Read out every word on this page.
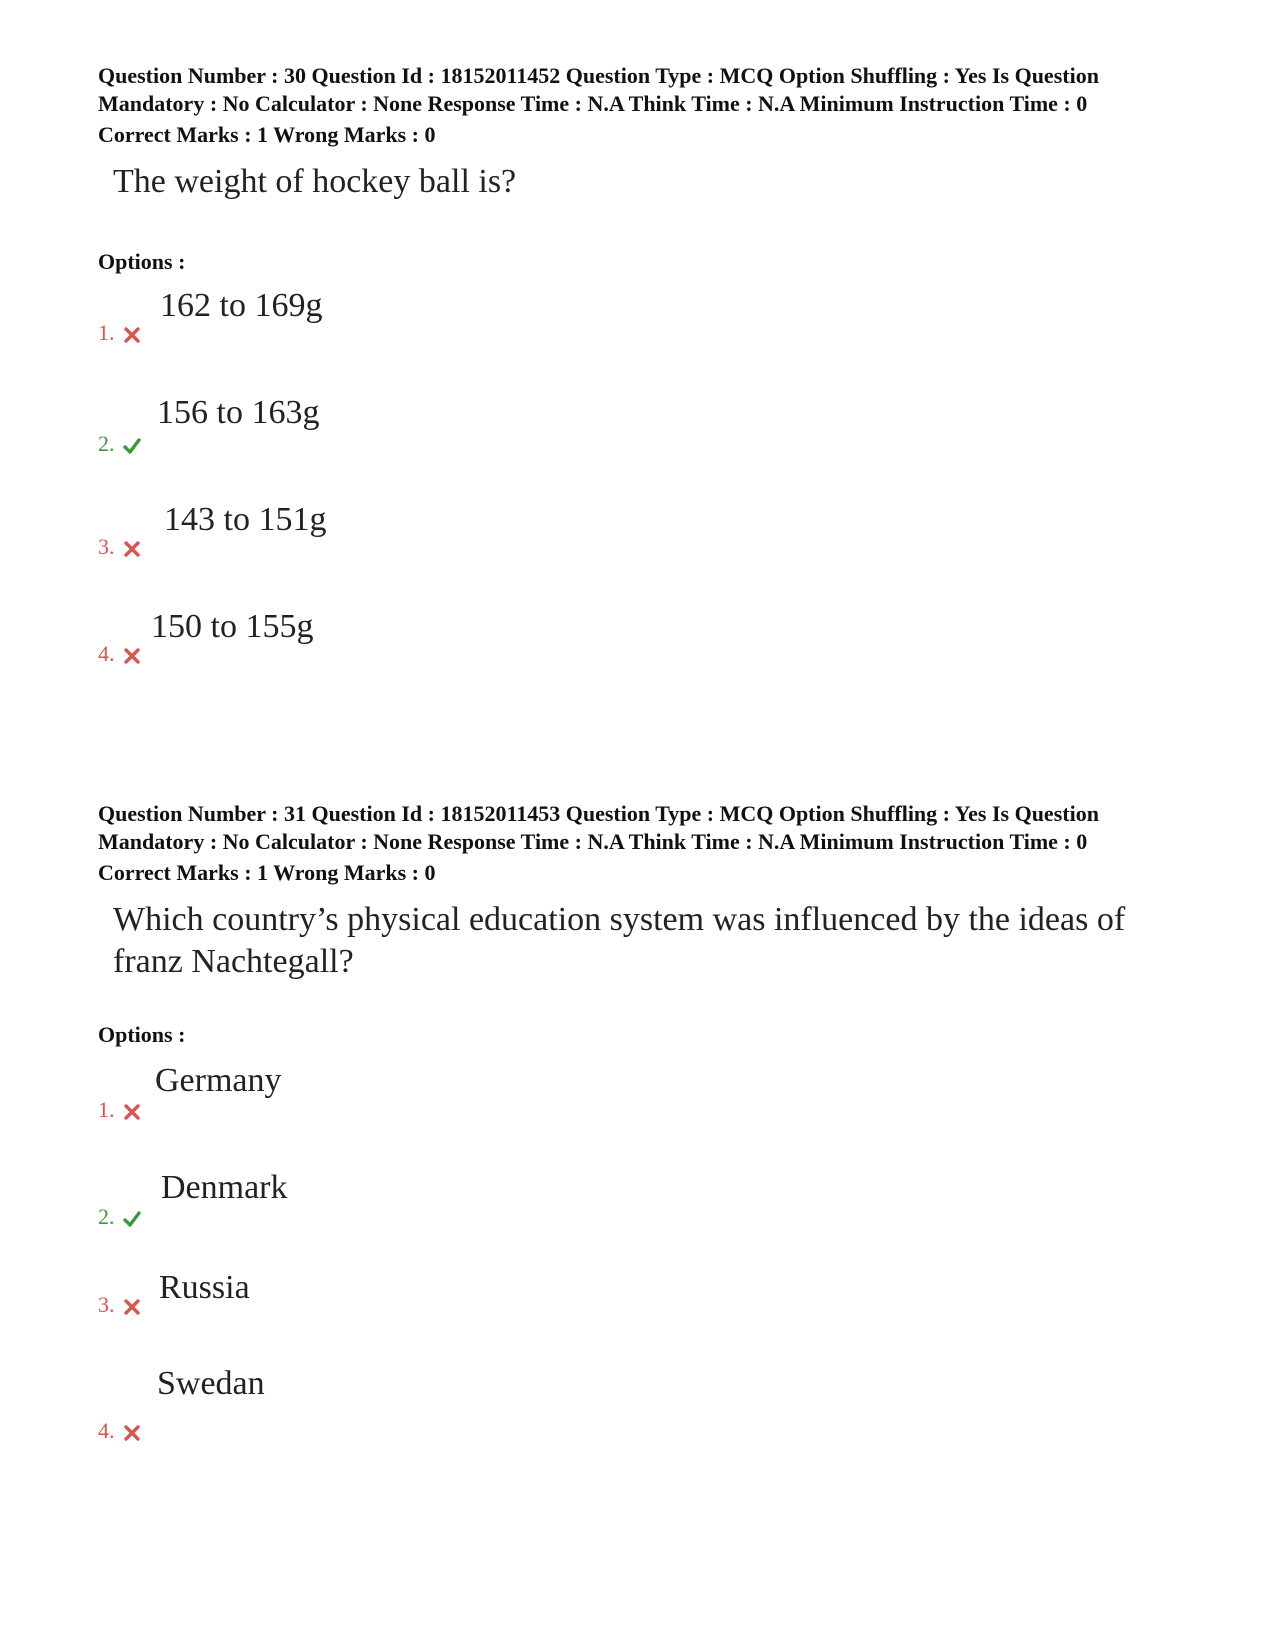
Question Number : 30 Question Id : 18152011452 Question Type : MCQ Option Shuffling : Yes Is Question Mandatory : No Calculator : None Response Time : N.A Think Time : N.A Minimum Instruction Time : 0

Correct Marks : 1 Wrong Marks : 0
The weight of hockey ball is?
Options :
162 to 169g
1.
156 to 163g
2.
143 to 151g
3.
150 to 155g
4.

Question Number : 31 Question Id : 18152011453 Question Type : MCQ Option Shuffling : Yes Is Question Mandatory : No Calculator : None Response Time : N.A Think Time : N.A Minimum Instruction Time : 0

Correct Marks : 1 Wrong Marks : 0
Which country’s physical education system was influenced by the ideas of franz Nachtegall?
Options :
Germany
1.
Denmark
2.
Russia
3.
Swedan
4.
